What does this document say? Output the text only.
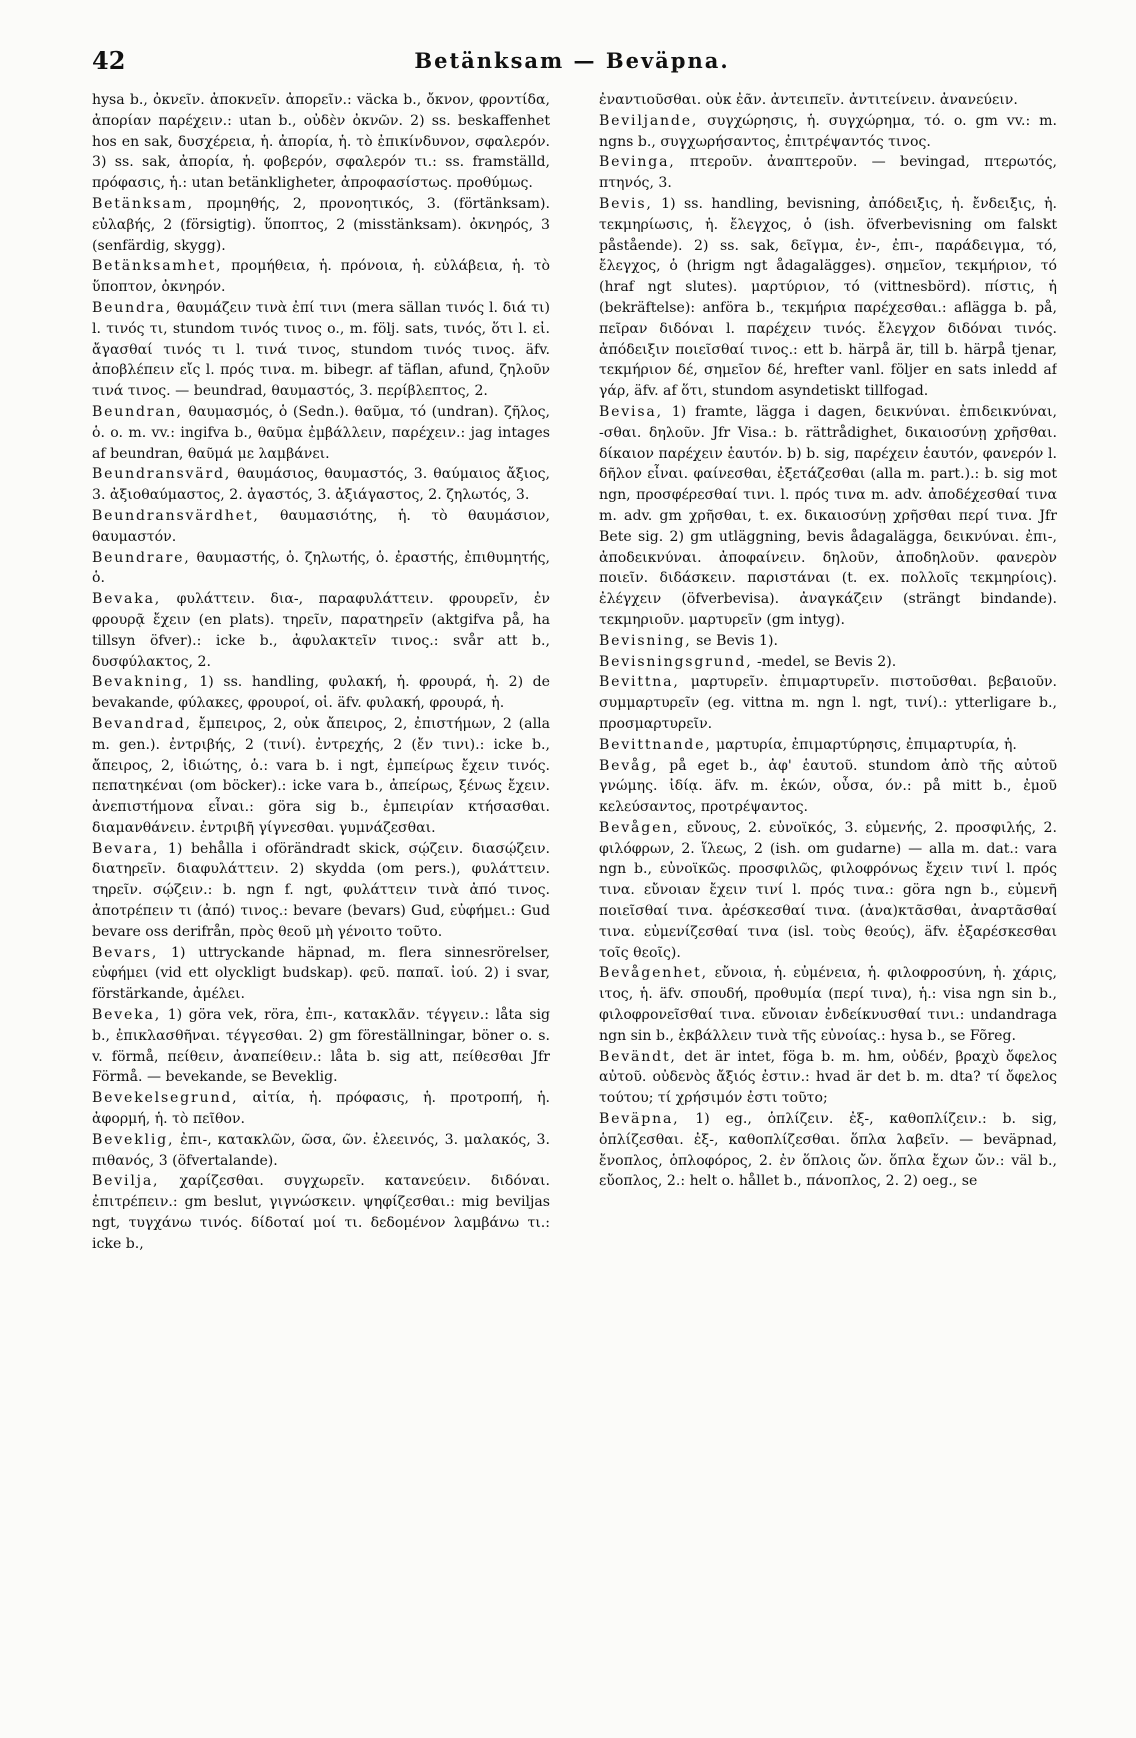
42	Betänksam — Beväpna.

hysa b., ὀκνεῖν. ἀποκνεῖν. ἀπορεῖν.: väcka b., ὄκνον, φροντίδα, ἀπορίαν παρέχειν.: utan b., οὐδὲν ὀκνῶν. 2) ss. beskaffenhet hos en sak, δυσχέρεια, ἡ. ἀπορία, ἡ. τὸ ἐπικίνδυνον, σφαλερόν. 3) ss. sak, ἀπορία, ἡ. φοβερόν, σφαλερόν τι.: ss. framställd, πρόφασις, ἡ.: utan betänkligheter, ἀπροφασίστως. προθύμως.

Betänksam, προμηθής, 2, προνοητικός, 3. (förtänksam). εὐλαβής, 2 (försigtig). ὕποπτος, 2 (misstänksam). ὀκνηρός, 3 (senfärdig, skygg).

Betänksamhet, προμήθεια, ἡ. πρόνοια, ἡ. εὐλάβεια, ἡ. τὸ ὕποπτον, ὀκνηρόν.

Beundra, θαυμάζειν τινὰ ἐπί τινι (mera sällan τινός l. διά τι) l. τινός τι, stundom τινός τινος o., m. följ. sats, τινός, ὅτι l. εἰ. ἄγασθαί τινός τι l. τινά τινος, stundom τινός τινος. äfv. ἀποβλέπειν εἴς l. πρός τινα. m. bibegr. af täflan, afund, ζηλοῦν τινά τινος. — beundrad, θαυμαστός, 3. περίβλεπτος, 2.

Beundran, θαυμασμός, ὁ (Sedn.). θαῦμα, τό (undran). ζῆλος, ὁ. o. m. vv.: ingifva b., θαῦμα ἐμβάλλειν, παρέχειν.: jag intages af beundran, θαῦμά με λαμβάνει.

Beundransvärd, θαυμάσιος, θαυμαστός, 3. θαύμαιος ἄξιος, 3. ἀξιοθαύμαστος, 2. ἀγαστός, 3. ἀξιάγαστος, 2. ζηλωτός, 3.

Beundransvärdhet, θαυμασιότης, ἡ. τὸ θαυμάσιον, θαυμαστόν.

Beundrare, θαυμαστής, ὁ. ζηλωτής, ὁ. ἐραστής, ἐπιθυμητής, ὁ.

Bevaka, φυλάττειν. δια-, παραφυλάττειν. φρουρεῖν, ἐν φρουρᾷ ἔχειν (en plats). τηρεῖν, παρατηρεῖν (aktgifva på, ha tillsyn öfver).: icke b., ἀφυλακτεῖν τινος.: svår att b., δυσφύλακτος, 2.

Bevakning, 1) ss. handling, φυλακή, ἡ. φρουρά, ἡ. 2) de bevakande, φύλακες, φρουροί, οἱ. äfv. φυλακή, φρουρά, ἡ.

Bevandrad, ἔμπειρος, 2, οὐκ ἄπειρος, 2, ἐπιστήμων, 2 (alla m. gen.). ἐντριβής, 2 (τινί). ἐντρεχής, 2 (ἔν τινι).: icke b., ἄπειρος, 2, ἰδιώτης, ὁ.: vara b. i ngt, ἐμπείρως ἔχειν τινός. πεπατηκέναι (om böcker).: icke vara b., ἀπείρως, ξένως ἔχειν. ἀνεπιστήμονα εἶναι.: göra sig b., ἐμπειρίαν κτήσασθαι. διαμανθάνειν. ἐντριβῆ γίγνεσθαι. γυμνάζεσθαι.

Bevara, 1) behålla i oförändradt skick, σῴζειν. διασῴζειν. διατηρεῖν. διαφυλάττειν. 2) skydda (om pers.), φυλάττειν. τηρεῖν. σῴζειν.: b. ngn f. ngt, φυλάττειν τινὰ ἀπό τινος. ἀποτρέπειν τι (ἀπό) τινος.: bevare (bevars) Gud, εὐφήμει.: Gud bevare oss derifrån, πρὸς θεοῦ μὴ γένοιτο τοῦτο.

Bevars, 1) uttryckande häpnad, m. flera sinnesrörelser, εὐφήμει (vid ett olyckligt budskap). φεῦ. παπαῖ. ἰού. 2) i svar, förstärkande, ἀμέλει.

Beveka, 1) göra vek, röra, ἐπι-, κατακλᾶν. τέγγειν.: låta sig b., ἐπικλασθῆναι. τέγγεσθαι. 2) gm föreställningar, böner o. s. v. förmå, πείθειν, ἀναπείθειν.: låta b. sig att, πείθεσθαι Jfr Förmå. — bevekande, se Beveklig.

Bevekelsegrund, αἰτία, ἡ. πρόφασις, ἡ. προτροπή, ἡ. ἀφορμή, ἡ. τὸ πεῖθον.

Beveklig, ἐπι-, κατακλῶν, ῶσα, ῶν. ἐλεεινός, 3. μαλακός, 3. πιθανός, 3 (öfvertalande).

Bevilja, χαρίζεσθαι. συγχωρεῖν. κατανεύειν. διδόναι. ἐπιτρέπειν.: gm beslut, γιγνώσκειν. ψηφίζεσθαι.: mig beviljas ngt, τυγχάνω τινός. δίδοταί μοί τι. δεδομένον λαμβάνω τι.: icke b.,

ἐναντιοῦσθαι. οὐκ ἐᾶν. ἀντειπεῖν. ἀντιτείνειν. ἀνανεύειν.

Beviljande, συγχώρησις, ἡ. συγχώρημα, τό. o. gm vv.: m. ngns b., συγχωρήσαντος, ἐπιτρέψαντός τινος.

Bevinga, πτεροῦν. ἀναπτεροῦν. — bevingad, πτερωτός, πτηνός, 3.

Bevis, 1) ss. handling, bevisning, ἀπόδειξις, ἡ. ἔνδειξις, ἡ. τεκμηρίωσις, ἡ. ἔλεγχος, ὁ (ish. öfverbevisning om falskt påstående). 2) ss. sak, δεῖγμα, ἐν-, ἐπι-, παράδειγμα, τό, ἔλεγχος, ὁ (hrigm ngt ådagalägges). σημεῖον, τεκμήριον, τό (hraf ngt slutes). μαρτύριον, τό (vittnesbörd). πίστις, ἡ (bekräftelse): anföra b., τεκμήρια παρέχεσθαι.: aflägga b. på, πεῖραν διδόναι l. παρέχειν τινός. ἔλεγχον διδόναι τινός. ἀπόδειξιν ποιεῖσθαί τινος.: ett b. härpå är, till b. härpå tjenar, τεκμήριον δέ, σημεῖον δέ, hrefter vanl. följer en sats inledd af γάρ, äfv. af ὅτι, stundom asyndetiskt tillfogad.

Bevisa, 1) framte, lägga i dagen, δεικνύναι. ἐπιδεικνύναι, -σθαι. δηλοῦν. Jfr Visa.: b. rättrådighet, δικαιοσύνῃ χρῆσθαι. δίκαιον παρέχειν ἑαυτόν. b) b. sig, παρέχειν ἑαυτόν, φανερόν l. δῆλον εἶναι. φαίνεσθαι, ἐξετάζεσθαι (alla m. part.).: b. sig mot ngn, προσφέρεσθαί τινι. l. πρός τινα m. adv. ἀποδέχεσθαί τινα m. adv. gm χρῆσθαι, t. ex. δικαιοσύνῃ χρῆσθαι περί τινα. Jfr Bete sig. 2) gm utläggning, bevis ådagalägga, δεικνύναι. ἐπι-, ἀποδεικνύναι. ἀποφαίνειν. δηλοῦν, ἀποδηλοῦν. φανερὸν ποιεῖν. διδάσκειν. παριστάναι (t. ex. πολλοῖς τεκμηρίοις). ἐλέγχειν (öfverbevisa). ἀναγκάζειν (strängt bindande). τεκμηριοῦν. μαρτυρεῖν (gm intyg).

Bevisning, se Bevis 1).

Bevisningsgrund, -medel, se Bevis 2).

Bevittna, μαρτυρεῖν. ἐπιμαρτυρεῖν. πιστοῦσθαι. βεβαιοῦν. συμμαρτυρεῖν (eg. vittna m. ngn l. ngt, τινί).: ytterligare b., προσμαρτυρεῖν.

Bevittnande, μαρτυρία, ἐπιμαρτύρησις, ἐπιμαρτυρία, ἡ.

Bevåg, på eget b., ἀφ' ἑαυτοῦ. stundom ἀπὸ τῆς αὐτοῦ γνώμης. ἰδίᾳ. äfv. m. ἑκών, οὖσα, όν.: på mitt b., ἐμοῦ κελεύσαντος, προτρέψαντος.

Bevågen, εὔνους, 2. εὐνοϊκός, 3. εὐμενής, 2. προσφιλής, 2. φιλόφρων, 2. ἵλεως, 2 (ish. om gudarne) — alla m. dat.: vara ngn b., εὐνοϊκῶς. προσφιλῶς, φιλοφρόνως ἔχειν τινί l. πρός τινα. εὔνοιαν ἔχειν τινί l. πρός τινα.: göra ngn b., εὐμενῆ ποιεῖσθαί τινα. ἀρέσκεσθαί τινα. (ἀνα)κτᾶσθαι, ἀναρτᾶσθαί τινα. εὐμενίζεσθαί τινα (isl. τοὺς θεούς), äfv. ἐξαρέσκεσθαι τοῖς θεοῖς).

Bevågenhet, εὔνοια, ἡ. εὐμένεια, ἡ. φιλοφροσύνη, ἡ. χάρις, ιτος, ἡ. äfv. σπουδή, προθυμία (περί τινα), ἡ.: visa ngn sin b., φιλοφρονεῖσθαί τινα. εὔνοιαν ἐνδείκνυσθαί τινι.: undandraga ngn sin b., ἐκβάλλειν τινὰ τῆς εὐνοίας.: hysa b., se Fõreg.

Bevändt, det är intet, föga b. m. hm, οὐδέν, βραχὺ ὄφελος αὐτοῦ. οὐδενὸς ἄξιός ἐστιν.: hvad är det b. m. dta? τί ὄφελος τούτου; τί χρήσιμόν ἐστι τοῦτο;

Beväpna, 1) eg., ὁπλίζειν. ἐξ-, καθοπλίζειν.: b. sig, ὁπλίζεσθαι. ἐξ-, καθοπλίζεσθαι. ὅπλα λαβεῖν. — beväpnad, ἔνοπλος, ὁπλοφόρος, 2. ἐν ὅπλοις ὤν. ὅπλα ἔχων ὤν.: väl b., εὔοπλος, 2.: helt o. hållet b., πάνοπλος, 2. 2) oeg., se
